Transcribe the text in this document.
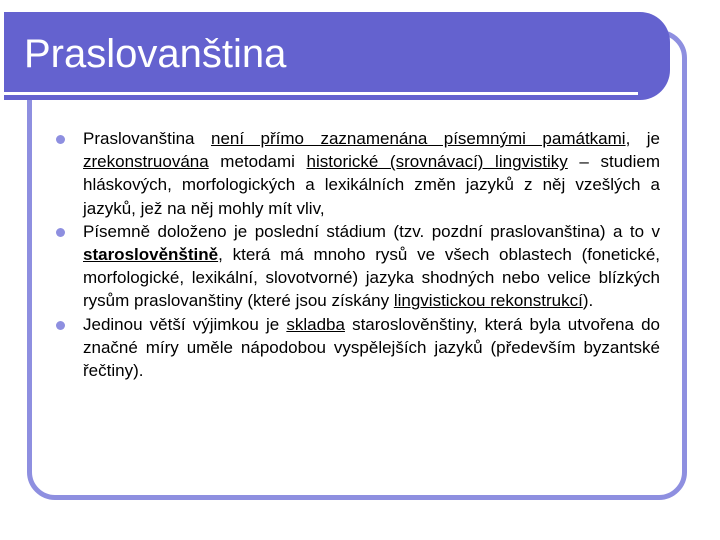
Praslovanština
Praslovanština není přímo zaznamenána písemnými památkami, je zrekonstruována metodami historické (srovnávací) lingvistiky – studiem hláskových, morfologických a lexikálních změn jazyků z něj vzešlých a jazyků, jež na něj mohly mít vliv,
Písemně doloženo je poslední stádium (tzv. pozdní praslovanština) a to v staroslověnštině, která má mnoho rysů ve všech oblastech (fonetické, morfologické, lexikální, slovotvorné) jazyka shodných nebo velice blízkých rysům praslovanštiny (které jsou získány lingvistickou rekonstrukcí).
Jedinou větší výjimkou je skladba staroslověnštiny, která byla utvořena do značné míry uměle nápodobou vyspělejších jazyků (především byzantské řečtiny).
